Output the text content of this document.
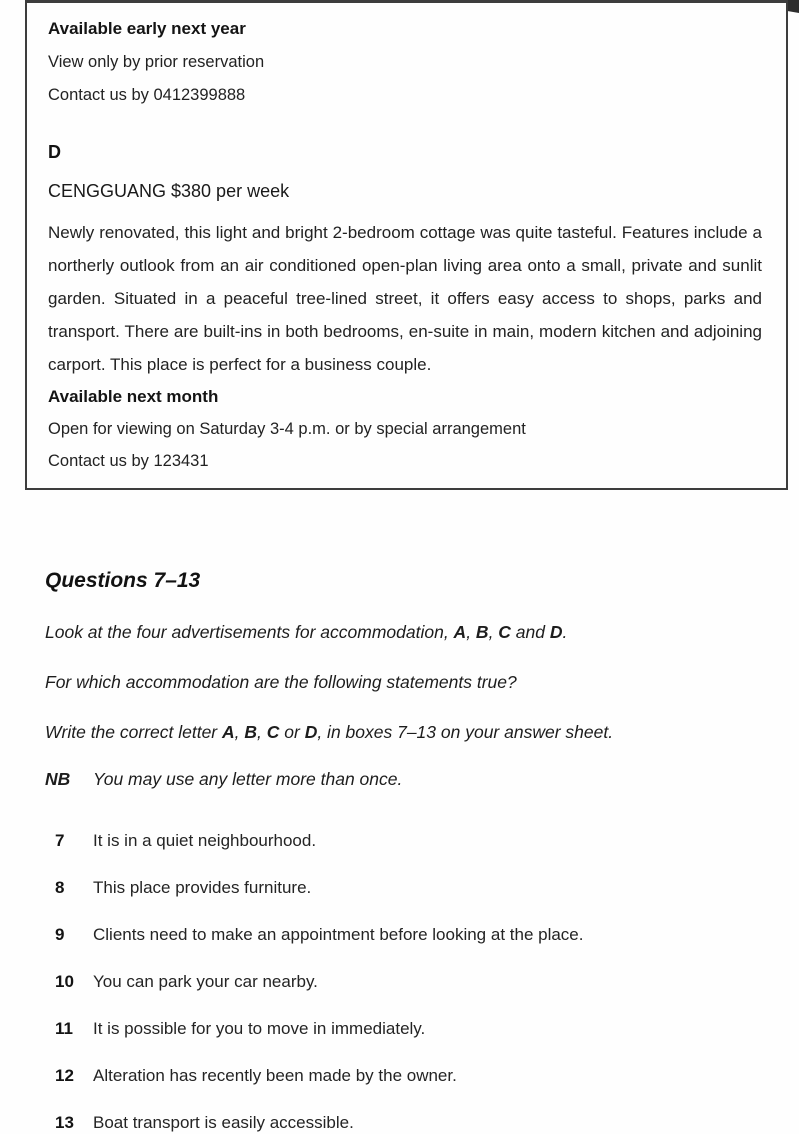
Available early next year
View only by prior reservation
Contact us by 0412399888
D
CENGGUANG $380 per week
Newly renovated, this light and bright 2-bedroom cottage was quite tasteful. Features include a northerly outlook from an air conditioned open-plan living area onto a small, private and sunlit garden. Situated in a peaceful tree-lined street, it offers easy access to shops, parks and transport. There are built-ins in both bedrooms, en-suite in main, modern kitchen and adjoining carport. This place is perfect for a business couple.
Available next month
Open for viewing on Saturday 3-4 p.m. or by special arrangement
Contact us by 123431
Questions 7–13
Look at the four advertisements for accommodation, A, B, C and D.
For which accommodation are the following statements true?
Write the correct letter A, B, C or D, in boxes 7–13 on your answer sheet.
NB	You may use any letter more than once.
7	It is in a quiet neighbourhood.
8	This place provides furniture.
9	Clients need to make an appointment before looking at the place.
10	You can park your car nearby.
11	It is possible for you to move in immediately.
12	Alteration has recently been made by the owner.
13	Boat transport is easily accessible.
